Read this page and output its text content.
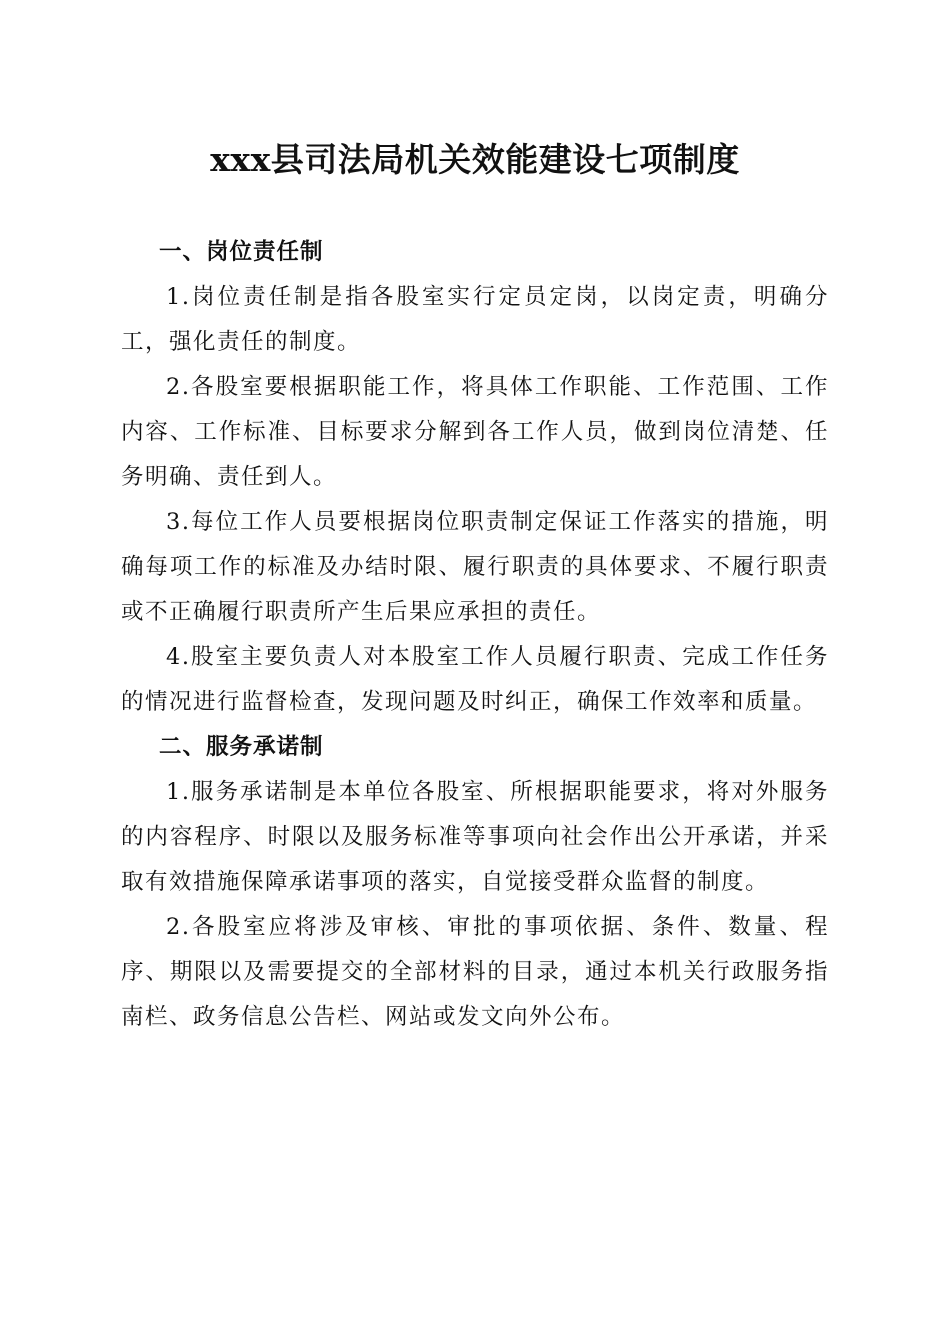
xxx县司法局机关效能建设七项制度
一、岗位责任制

1.岗位责任制是指各股室实行定员定岗，以岗定责，明确分工，强化责任的制度。

2.各股室要根据职能工作，将具体工作职能、工作范围、工作内容、工作标准、目标要求分解到各工作人员，做到岗位清楚、任务明确、责任到人。

3.每位工作人员要根据岗位职责制定保证工作落实的措施，明确每项工作的标准及办结时限、履行职责的具体要求、不履行职责或不正确履行职责所产生后果应承担的责任。

4.股室主要负责人对本股室工作人员履行职责、完成工作任务的情况进行监督检查，发现问题及时纠正，确保工作效率和质量。

二、服务承诺制

1.服务承诺制是本单位各股室、所根据职能要求，将对外服务的内容程序、时限以及服务标准等事项向社会作出公开承诺，并采取有效措施保障承诺事项的落实，自觉接受群众监督的制度。

2.各股室应将涉及审核、审批的事项依据、条件、数量、程序、期限以及需要提交的全部材料的目录，通过本机关行政服务指南栏、政务信息公告栏、网站或发文向外公布。
